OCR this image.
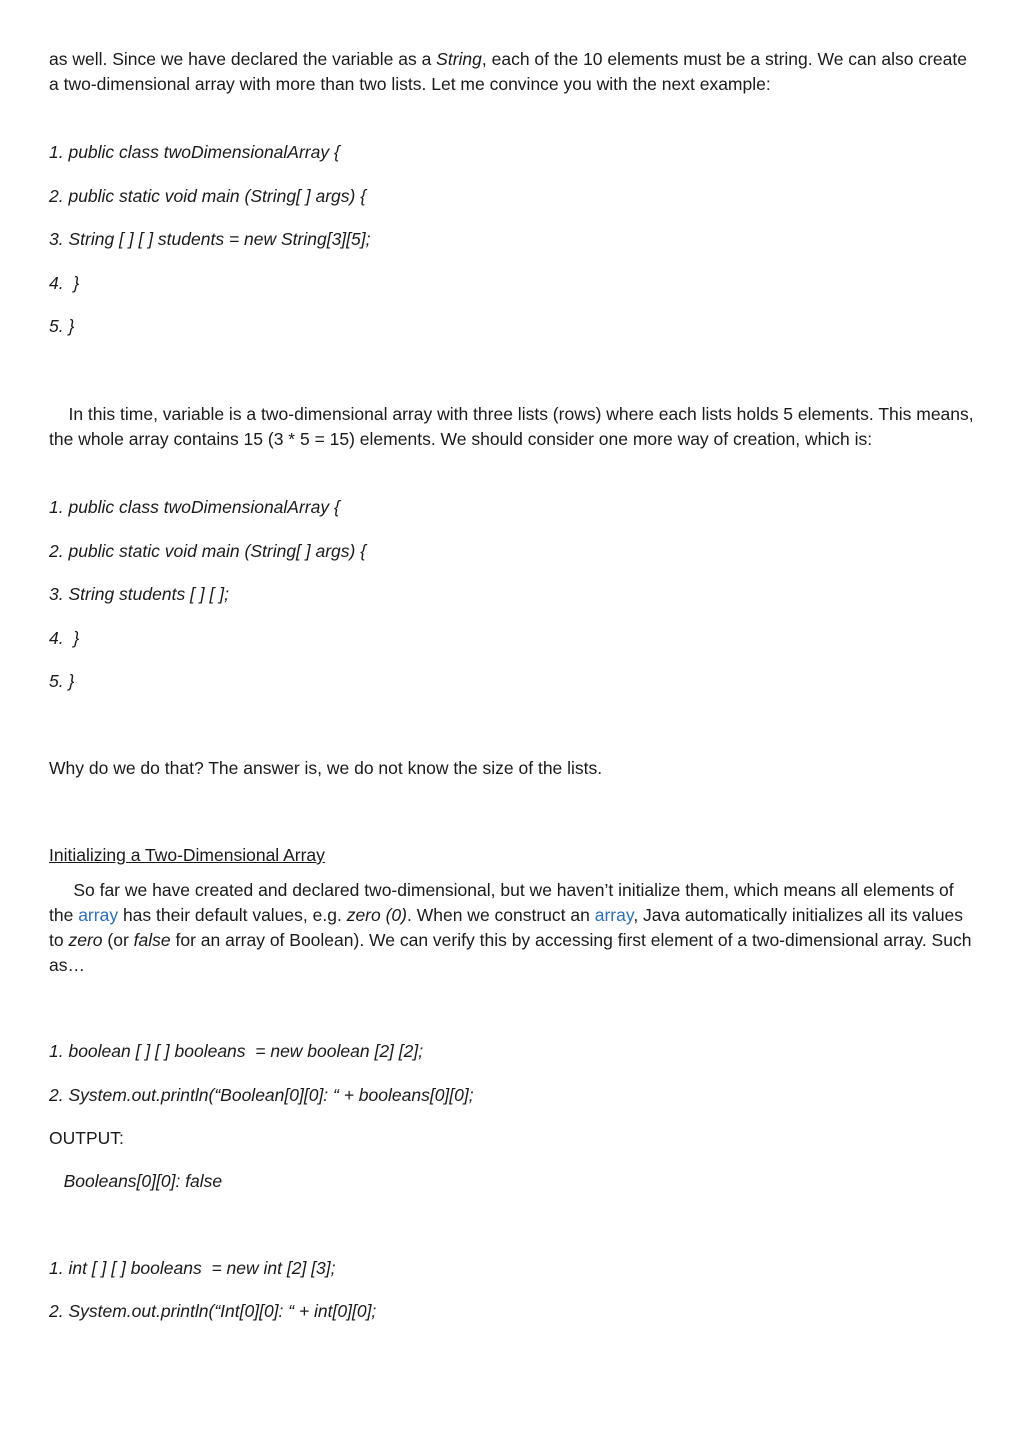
as well. Since we have declared the variable as a String, each of the 10 elements must be a string. We can also create a two-dimensional array with more than two lists. Let me convince you with the next example:

1. public class twoDimensionalArray {
2. public static void main (String[ ] args) {
3. String [ ] [ ] students = new String[3][5];
4.  }
5. }

In this time, variable is a two-dimensional array with three lists (rows) where each lists holds 5 elements. This means, the whole array contains 15 (3 * 5 = 15) elements. We should consider one more way of creation, which is:

1. public class twoDimensionalArray {
2. public static void main (String[ ] args) {
3. String students [ ] [ ];
4.  }
5. }

Why do we do that? The answer is, we do not know the size of the lists.

Initializing a Two-Dimensional Array

So far we have created and declared two-dimensional, but we haven’t initialize them, which means all elements of the array has their default values, e.g. zero (0). When we construct an array, Java automatically initializes all its values to zero (or false for an array of Boolean). We can verify this by accessing first element of a two-dimensional array. Such as…

1. boolean [ ] [ ] booleans  = new boolean [2] [2];
2. System.out.println(“Boolean[0][0]: “ + booleans[0][0];

OUTPUT:

Booleans[0][0]: false
1. int [ ] [ ] booleans  = new int [2] [3];
2. System.out.println(“Int[0][0]: “ + int[0][0];
